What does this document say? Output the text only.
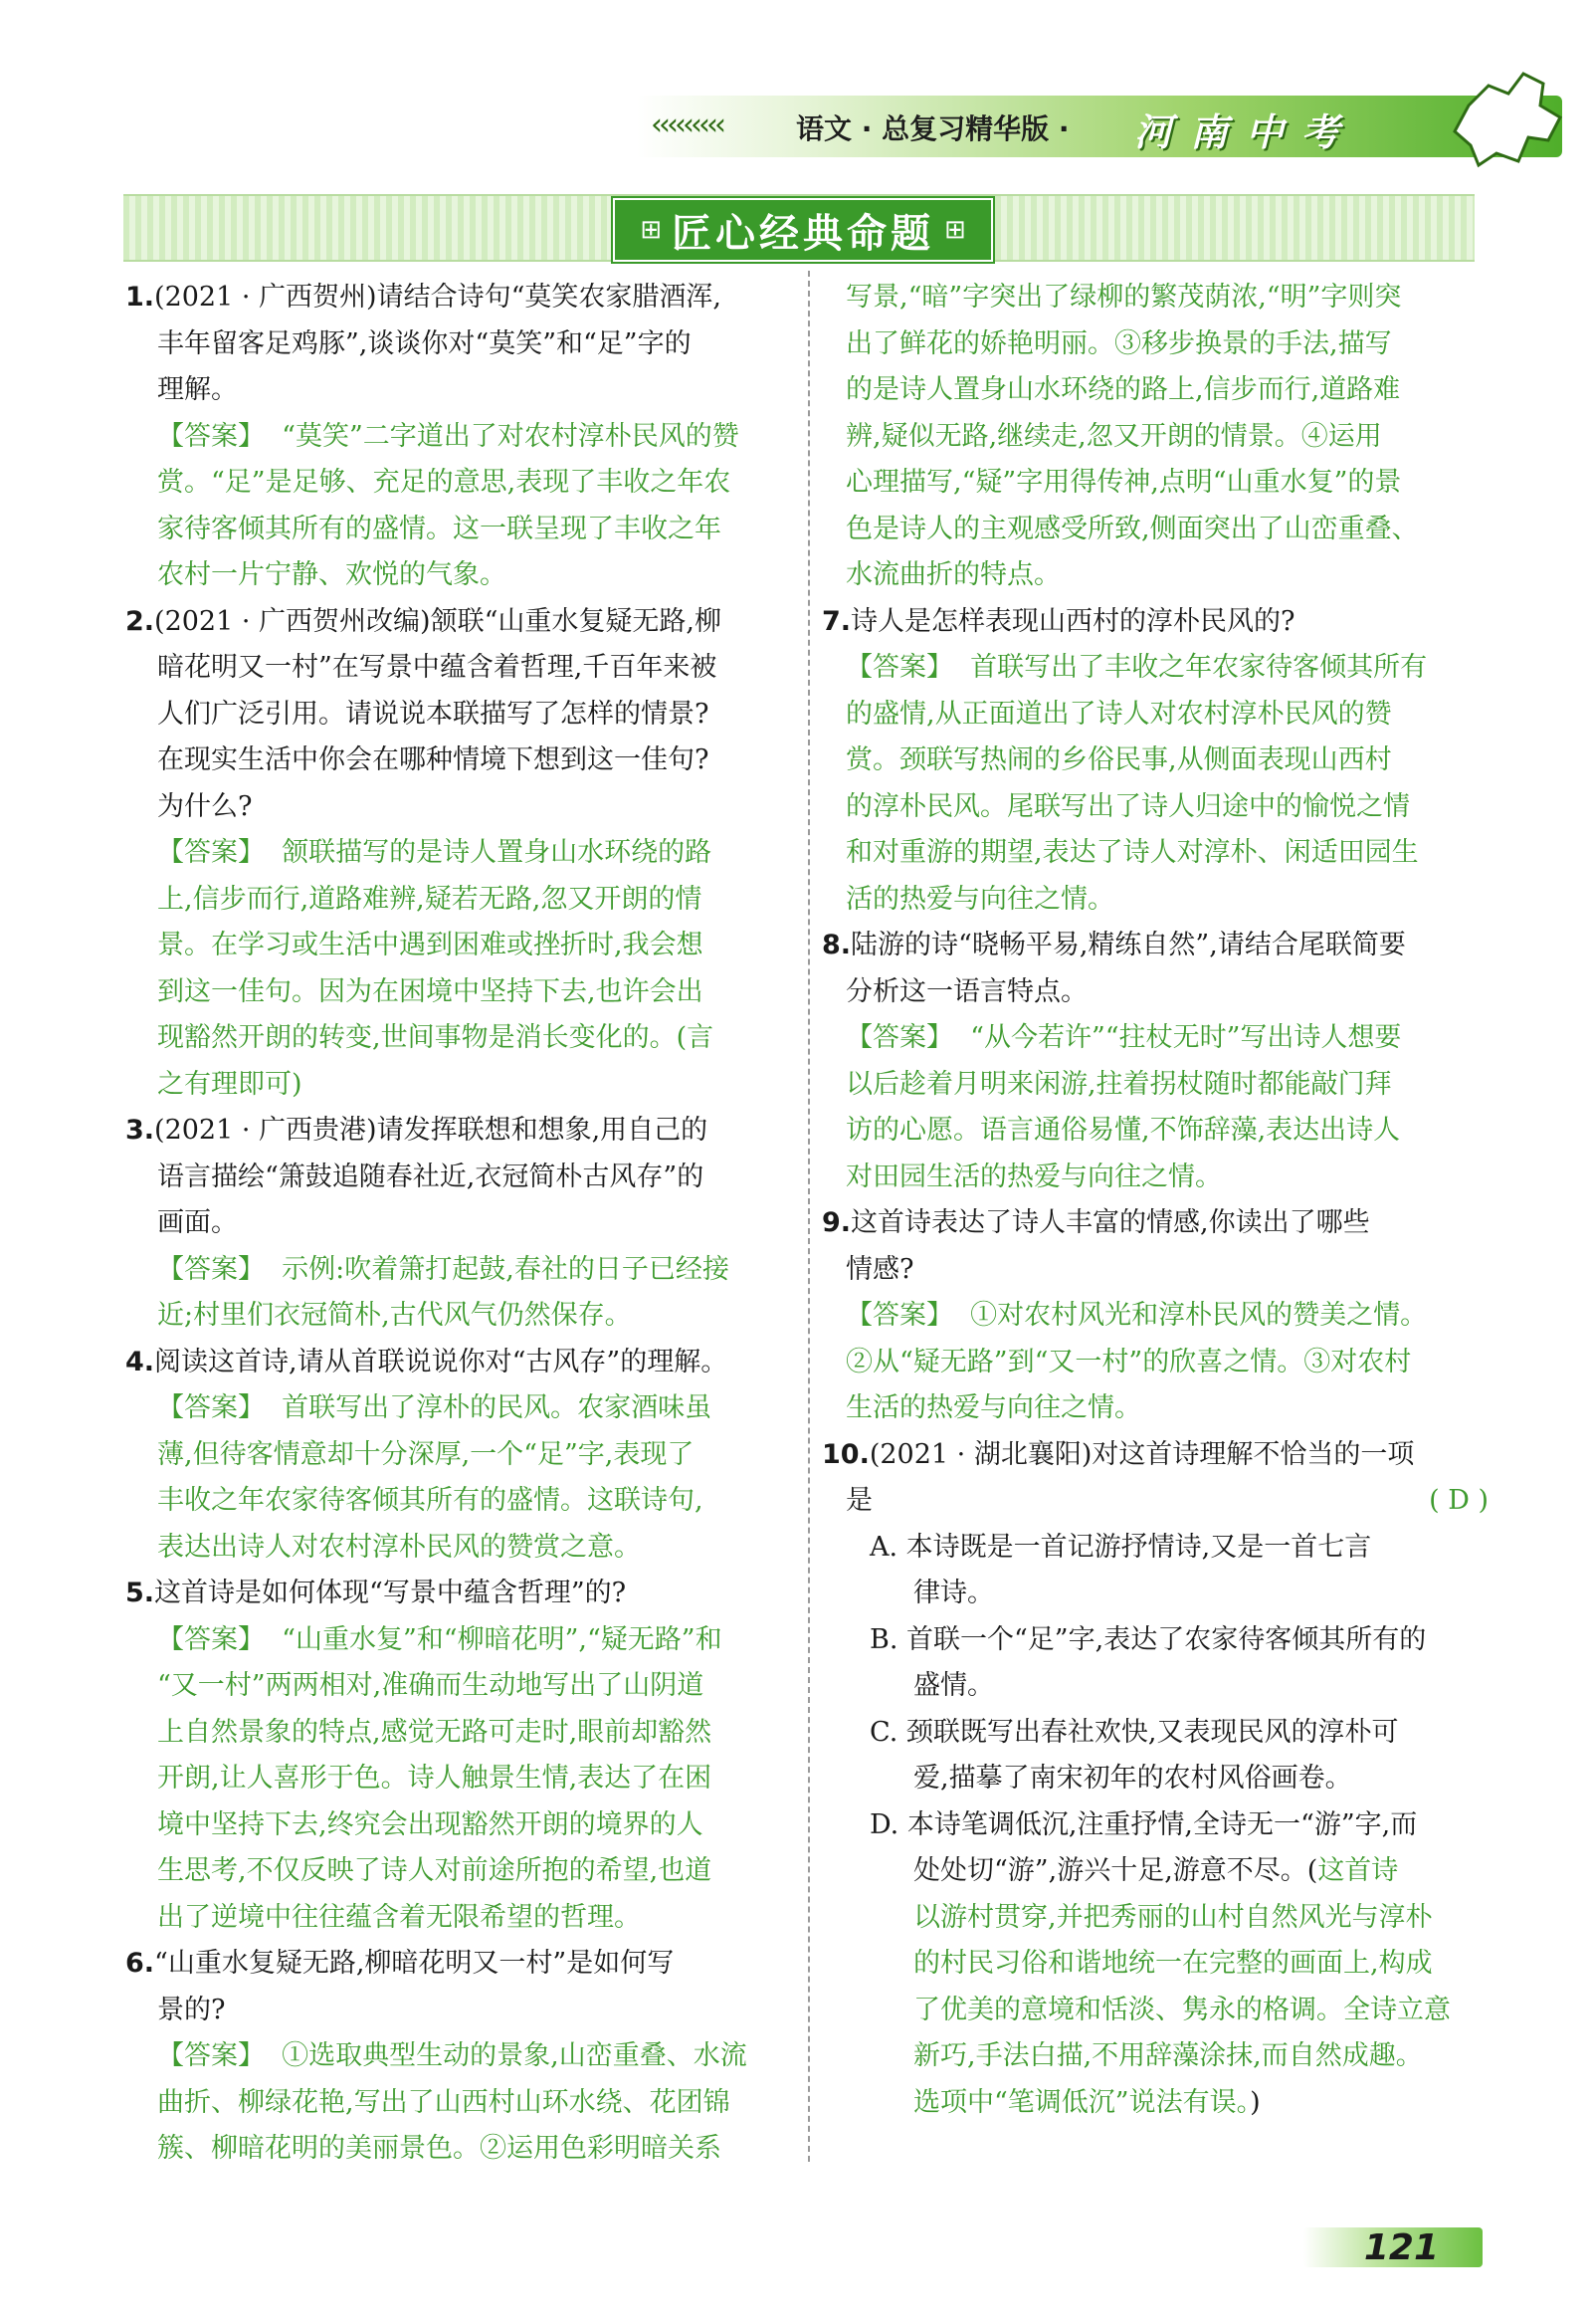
‹‹‹‹‹‹‹‹‹	语文 · 总复习精华版 · 河南中考
⊞ 匠心经典命题 ⊞

1.(2021 · 广西贺州)请结合诗句“莫笑农家腊酒浑,

丰年留客足鸡豚”,谈谈你对“莫笑”和“足”字的

理解。

【答案】 “莫笑”二字道出了对农村淳朴民风的赞

赏。“足”是足够、充足的意思,表现了丰收之年农

家待客倾其所有的盛情。这一联呈现了丰收之年

农村一片宁静、欢悦的气象。

2.(2021 · 广西贺州改编)颔联“山重水复疑无路,柳

暗花明又一村”在写景中蕴含着哲理,千百年来被

人们广泛引用。请说说本联描写了怎样的情景?

在现实生活中你会在哪种情境下想到这一佳句?

为什么?

【答案】 颔联描写的是诗人置身山水环绕的路

上,信步而行,道路难辨,疑若无路,忽又开朗的情

景。在学习或生活中遇到困难或挫折时,我会想

到这一佳句。因为在困境中坚持下去,也许会出

现豁然开朗的转变,世间事物是消长变化的。(言

之有理即可)

3.(2021 · 广西贵港)请发挥联想和想象,用自己的

语言描绘“箫鼓追随春社近,衣冠简朴古风存”的

画面。

【答案】 示例:吹着箫打起鼓,春社的日子已经接

近;村里们衣冠简朴,古代风气仍然保存。

4.阅读这首诗,请从首联说说你对“古风存”的理解。

【答案】 首联写出了淳朴的民风。农家酒味虽

薄,但待客情意却十分深厚,一个“足”字,表现了

丰收之年农家待客倾其所有的盛情。这联诗句,

表达出诗人对农村淳朴民风的赞赏之意。

5.这首诗是如何体现“写景中蕴含哲理”的?

【答案】 “山重水复”和“柳暗花明”,“疑无路”和

“又一村”两两相对,准确而生动地写出了山阴道

上自然景象的特点,感觉无路可走时,眼前却豁然

开朗,让人喜形于色。诗人触景生情,表达了在困

境中坚持下去,终究会出现豁然开朗的境界的人

生思考,不仅反映了诗人对前途所抱的希望,也道

出了逆境中往往蕴含着无限希望的哲理。

6.“山重水复疑无路,柳暗花明又一村”是如何写

景的?

【答案】 ①选取典型生动的景象,山峦重叠、水流

曲折、柳绿花艳,写出了山西村山环水绕、花团锦

簇、柳暗花明的美丽景色。②运用色彩明暗关系

写景,“暗”字突出了绿柳的繁茂荫浓,“明”字则突

出了鲜花的娇艳明丽。③移步换景的手法,描写

的是诗人置身山水环绕的路上,信步而行,道路难

辨,疑似无路,继续走,忽又开朗的情景。④运用

心理描写,“疑”字用得传神,点明“山重水复”的景

色是诗人的主观感受所致,侧面突出了山峦重叠、

水流曲折的特点。

7.诗人是怎样表现山西村的淳朴民风的?

【答案】 首联写出了丰收之年农家待客倾其所有

的盛情,从正面道出了诗人对农村淳朴民风的赞

赏。颈联写热闹的乡俗民事,从侧面表现山西村

的淳朴民风。尾联写出了诗人归途中的愉悦之情

和对重游的期望,表达了诗人对淳朴、闲适田园生

活的热爱与向往之情。

8.陆游的诗“晓畅平易,精练自然”,请结合尾联简要

分析这一语言特点。

【答案】 “从今若许”“拄杖无时”写出诗人想要

以后趁着月明来闲游,拄着拐杖随时都能敲门拜

访的心愿。语言通俗易懂,不饰辞藻,表达出诗人

对田园生活的热爱与向往之情。

9.这首诗表达了诗人丰富的情感,你读出了哪些

情感?

【答案】 ①对农村风光和淳朴民风的赞美之情。

②从“疑无路”到“又一村”的欣喜之情。③对农村

生活的热爱与向往之情。

10.(2021 · 湖北襄阳)对这首诗理解不恰当的一项

是	( D )

A. 本诗既是一首记游抒情诗,又是一首七言

律诗。

B. 首联一个“足”字,表达了农家待客倾其所有的

盛情。

C. 颈联既写出春社欢快,又表现民风的淳朴可

爱,描摹了南宋初年的农村风俗画卷。

D. 本诗笔调低沉,注重抒情,全诗无一“游”字,而

处处切“游”,游兴十足,游意不尽。(这首诗

以游村贯穿,并把秀丽的山村自然风光与淳朴

的村民习俗和谐地统一在完整的画面上,构成

了优美的意境和恬淡、隽永的格调。全诗立意

新巧,手法白描,不用辞藻涂抹,而自然成趣。

选项中“笔调低沉”说法有误。)

121
